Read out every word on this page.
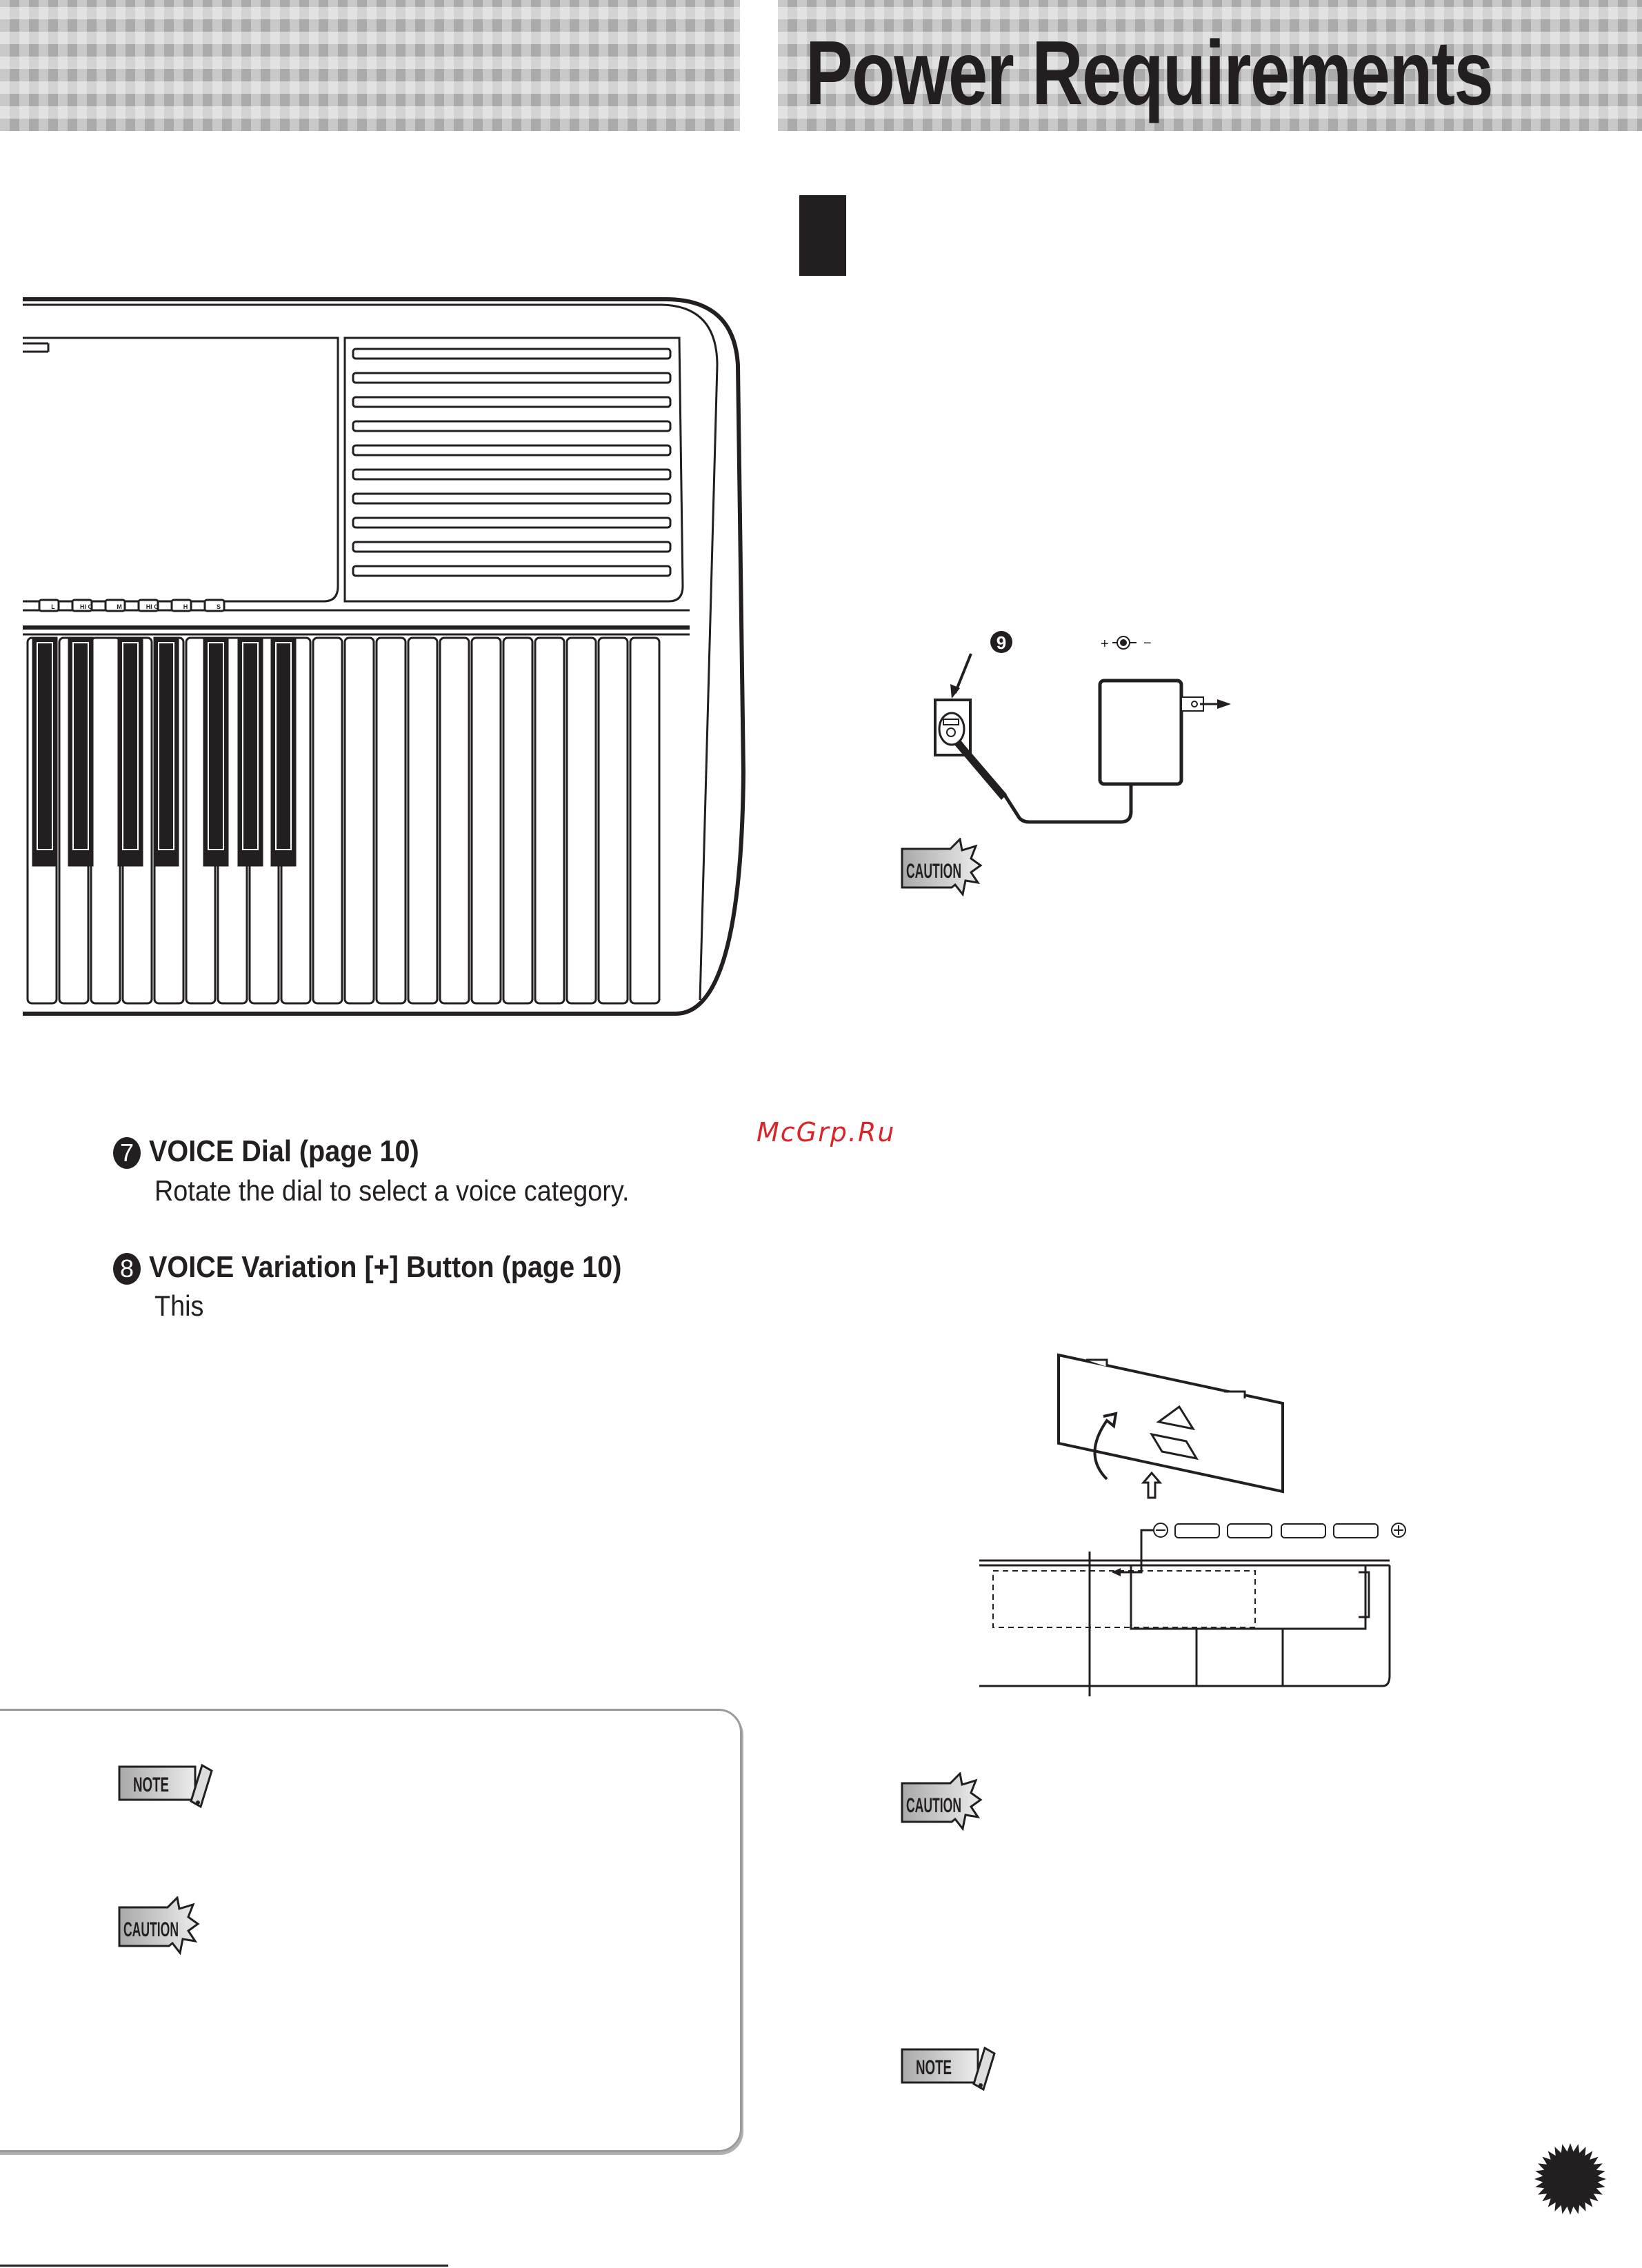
Power Requirements
L	HI C	M	HI O	H	S
7 VOICE Dial (page 10)
Rotate the dial to select a voice category.
8 VOICE Variation [+] Button (page 10)
This
McGrp.Ru
9	+	−
CAUTION
CAUTION
NOTE
NOTE
CAUTION
